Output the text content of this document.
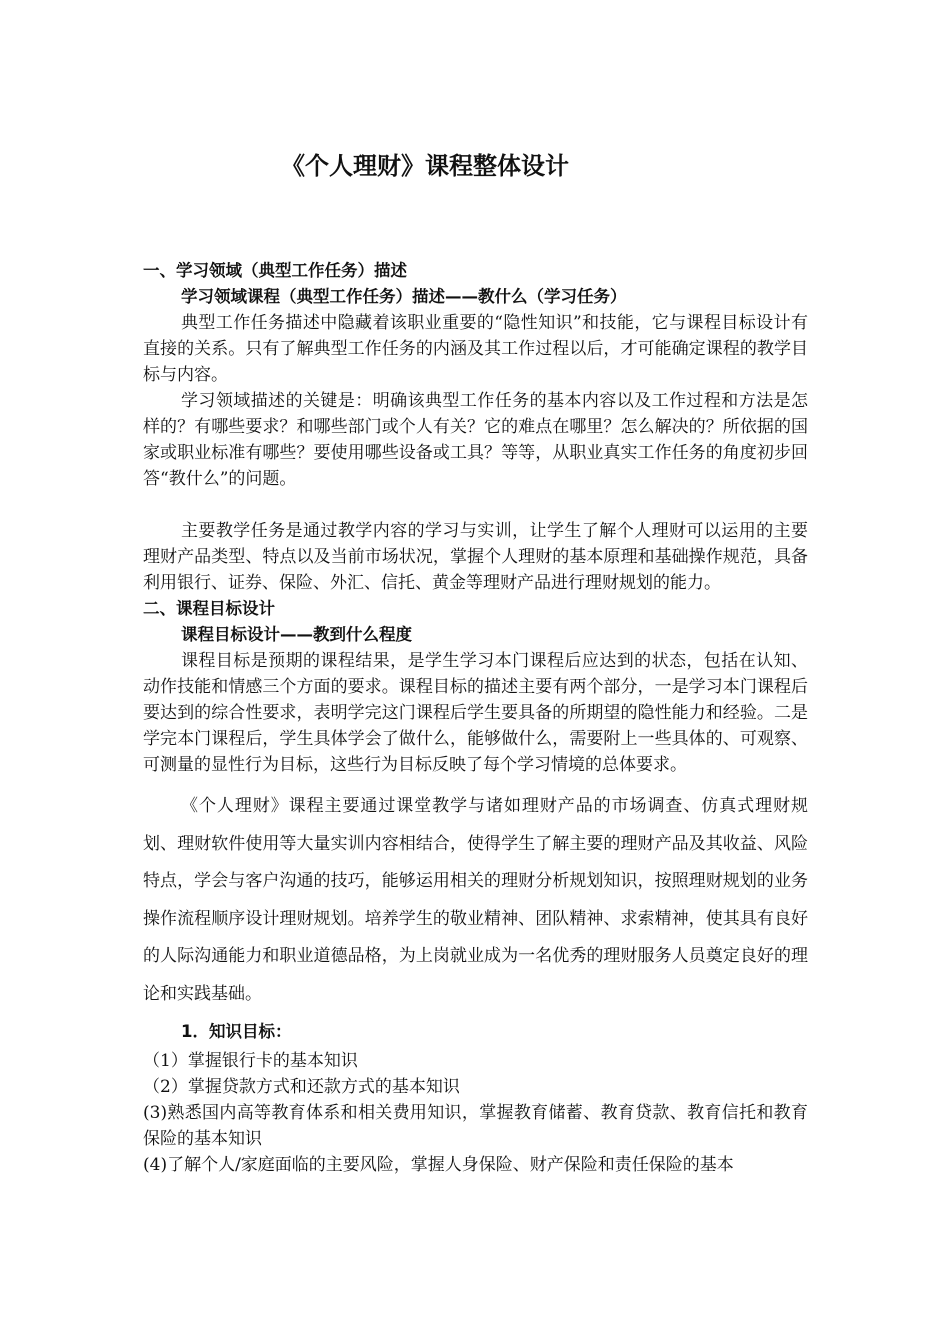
《个人理财》课程整体设计

一、学习领域（典型工作任务）描述

学习领域课程（典型工作任务）描述——教什么（学习任务）

典型工作任务描述中隐藏着该职业重要的“隐性知识”和技能，它与课程目标设计有直接的关系。只有了解典型工作任务的内涵及其工作过程以后，才可能确定课程的教学目标与内容。

学习领域描述的关键是：明确该典型工作任务的基本内容以及工作过程和方法是怎样的？有哪些要求？和哪些部门或个人有关？它的难点在哪里？怎么解决的？所依据的国家或职业标准有哪些？要使用哪些设备或工具？等等，从职业真实工作任务的角度初步回答“教什么”的问题。

主要教学任务是通过教学内容的学习与实训，让学生了解个人理财可以运用的主要理财产品类型、特点以及当前市场状况，掌握个人理财的基本原理和基础操作规范，具备利用银行、证券、保险、外汇、信托、黄金等理财产品进行理财规划的能力。

二、课程目标设计

课程目标设计——教到什么程度

课程目标是预期的课程结果，是学生学习本门课程后应达到的状态，包括在认知、动作技能和情感三个方面的要求。课程目标的描述主要有两个部分，一是学习本门课程后要达到的综合性要求，表明学完这门课程后学生要具备的所期望的隐性能力和经验。二是学完本门课程后，学生具体学会了做什么，能够做什么，需要附上一些具体的、可观察、可测量的显性行为目标，这些行为目标反映了每个学习情境的总体要求。

《个人理财》课程主要通过课堂教学与诸如理财产品的市场调查、仿真式理财规划、理财软件使用等大量实训内容相结合，使得学生了解主要的理财产品及其收益、风险特点，学会与客户沟通的技巧，能够运用相关的理财分析规划知识，按照理财规划的业务操作流程顺序设计理财规划。培养学生的敬业精神、团队精神、求索精神，使其具有良好的人际沟通能力和职业道德品格，为上岗就业成为一名优秀的理财服务人员奠定良好的理论和实践基础。

1．知识目标：

（1）掌握银行卡的基本知识

（2）掌握贷款方式和还款方式的基本知识

(3)熟悉国内高等教育体系和相关费用知识，掌握教育储蓄、教育贷款、教育信托和教育保险的基本知识

(4)了解个人/家庭面临的主要风险，掌握人身保险、财产保险和责任保险的基本
